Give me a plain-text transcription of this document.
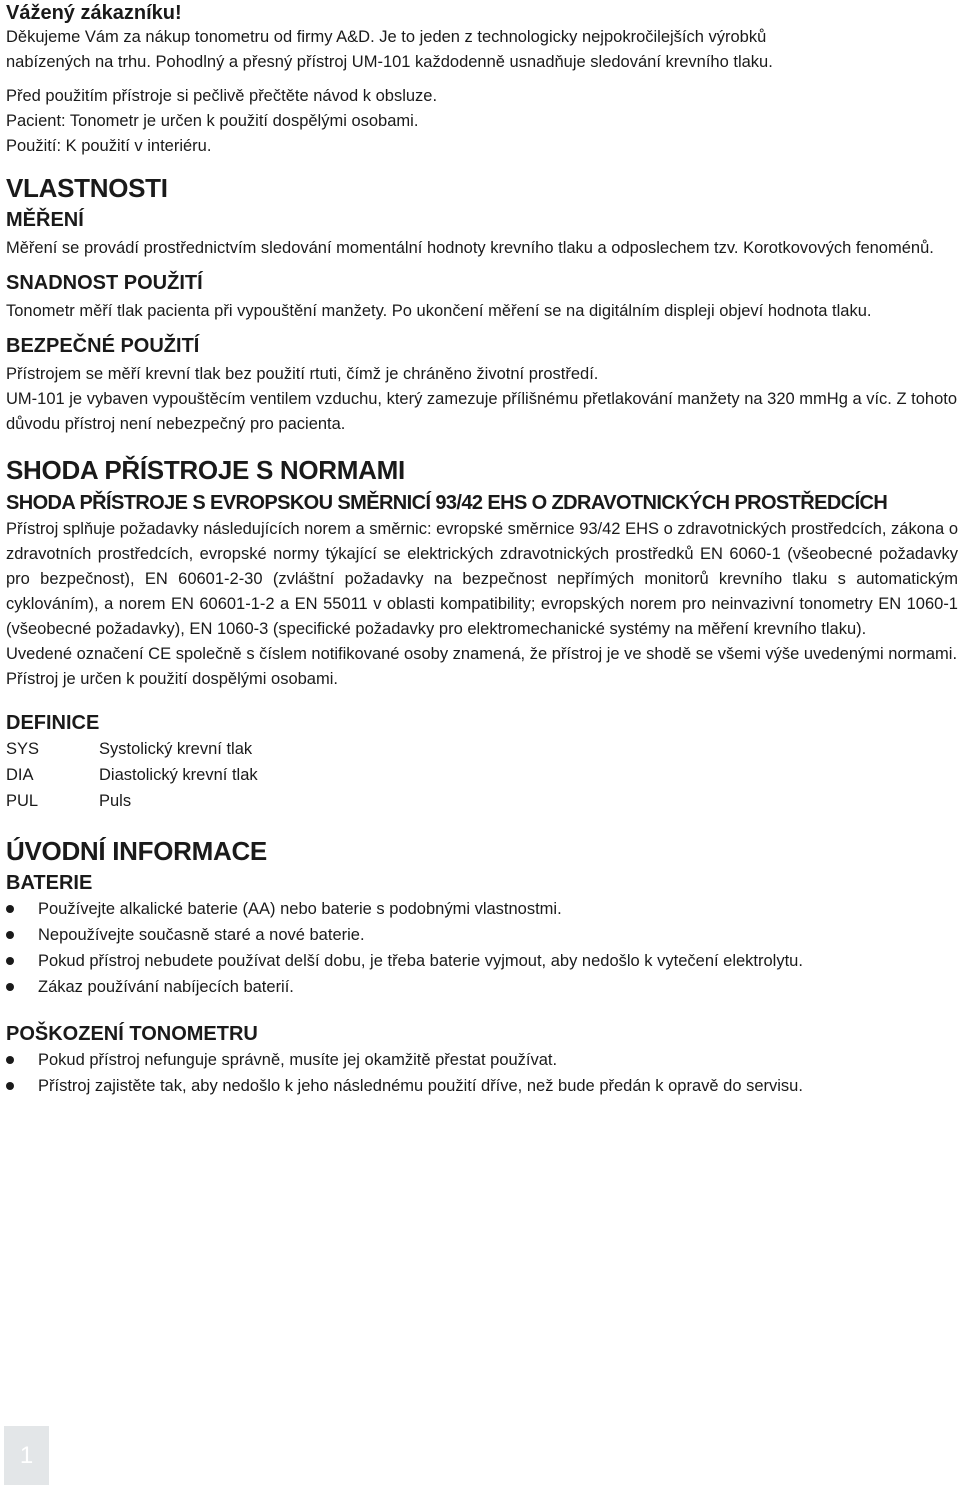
Vážený zákazníku!

Děkujeme Vám za nákup tonometru od firmy A&D. Je to jeden z technologicky nejpokročilejších výrobků

nabízených na trhu. Pohodlný a přesný přístroj UM-101 každodenně usnadňuje sledování krevního tlaku.

Před použitím přístroje si pečlivě přečtěte návod k obsluze.

Pacient: Tonometr je určen k použití dospělými osobami.

Použití: K použití v interiéru.

VLASTNOSTI
MĚŘENÍ

Měření se provádí prostřednictvím sledování momentální hodnoty krevního tlaku a odposlechem tzv. Korotkovových fenoménů.

SNADNOST POUŽITÍ

Tonometr měří tlak pacienta při vypouštění manžety. Po ukončení měření se na digitálním displeji objeví hodnota tlaku.

BEZPEČNÉ POUŽITÍ

Přístrojem se měří krevní tlak bez použití rtuti, čímž je chráněno životní prostředí.

UM-101 je vybaven vypouštěcím ventilem vzduchu, který zamezuje přílišnému přetlakování manžety na 320 mmHg a víc. Z tohoto důvodu přístroj není nebezpečný pro pacienta.

SHODA PŘÍSTROJE S NORMAMI
SHODA PŘÍSTROJE S EVROPSKOU SMĚRNICÍ 93/42 EHS O ZDRAVOTNICKÝCH PROSTŘEDCÍCH

Přístroj splňuje požadavky následujících norem a směrnic: evropské směrnice 93/42 EHS o zdravotnických prostředcích, zákona o zdravotních prostředcích, evropské normy týkající se elektrických zdravotnických prostředků EN 6060-1 (všeobecné požadavky pro bezpečnost), EN 60601-2-30 (zvláštní požadavky na bezpečnost nepřímých monitorů krevního tlaku s automatickým cyklováním), a norem EN 60601-1-2 a EN 55011 v oblasti kompatibility; evropských norem pro neinvazivní tonometry EN 1060-1 (všeobecné požadavky), EN 1060-3 (specifické požadavky pro elektromechanické systémy na měření krevního tlaku).

Uvedené označení CE společně s číslem notifikované osoby znamená, že přístroj je ve shodě se všemi výše uvedenými normami.

Přístroj je určen k použití dospělými osobami.

DEFINICE
SYS	Systolický krevní tlak
DIA	Diastolický krevní tlak
PUL	Puls
ÚVODNÍ INFORMACE
BATERIE
Používejte alkalické baterie (AA) nebo baterie s podobnými vlastnostmi.
Nepoužívejte současně staré a nové baterie.
Pokud přístroj nebudete používat delší dobu, je třeba baterie vyjmout, aby nedošlo k vytečení elektrolytu.
Zákaz používání nabíjecích baterií.
POŠKOZENÍ TONOMETRU
Pokud přístroj nefunguje správně, musíte jej okamžitě přestat používat.
Přístroj zajistěte tak, aby nedošlo k jeho následnému použití dříve, než bude předán k opravě do servisu.
1
